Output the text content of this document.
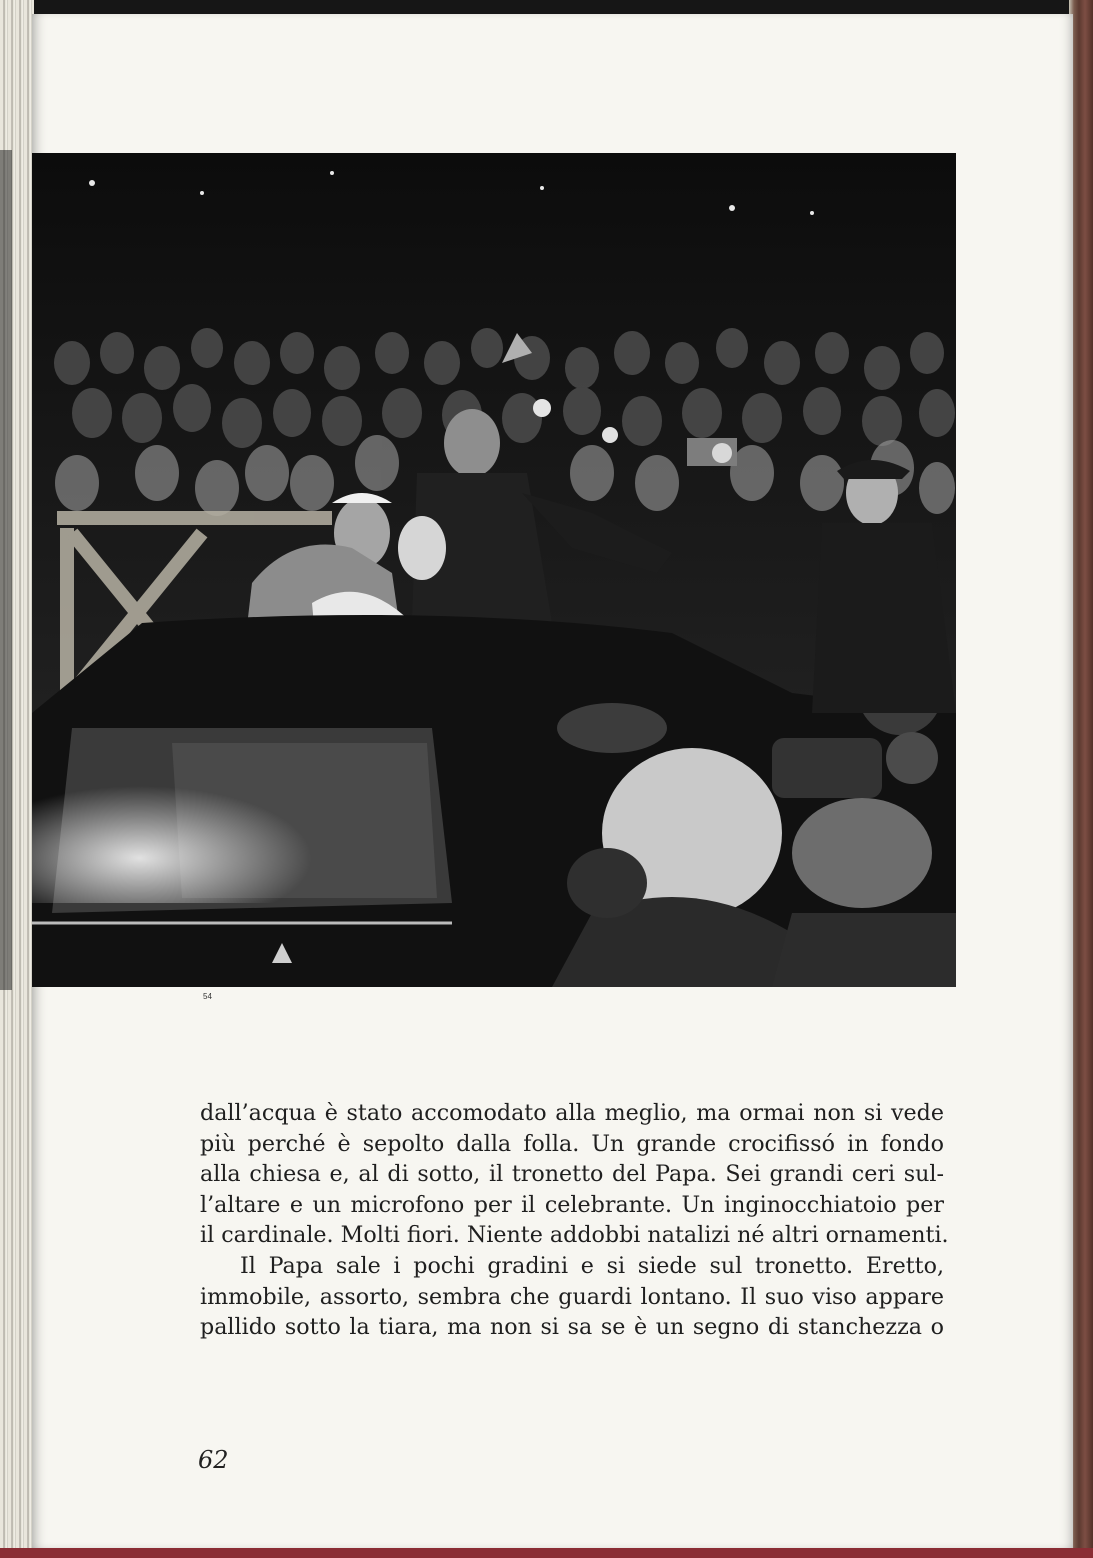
54
dall’acqua è stato accomodato alla meglio, ma ormai non si vede
più perché è sepolto dalla folla. Un grande crocifissó in fondo
alla chiesa e, al di sotto, il tronetto del Papa. Sei grandi ceri sul-
l’altare e un microfono per il celebrante. Un inginocchiatoio per
il cardinale. Molti fiori. Niente addobbi natalizi né altri ornamenti.
Il Papa sale i pochi gradini e si siede sul tronetto. Eretto,
immobile, assorto, sembra che guardi lontano. Il suo viso appare
pallido sotto la tiara, ma non si sa se è un segno di stanchezza o
62
